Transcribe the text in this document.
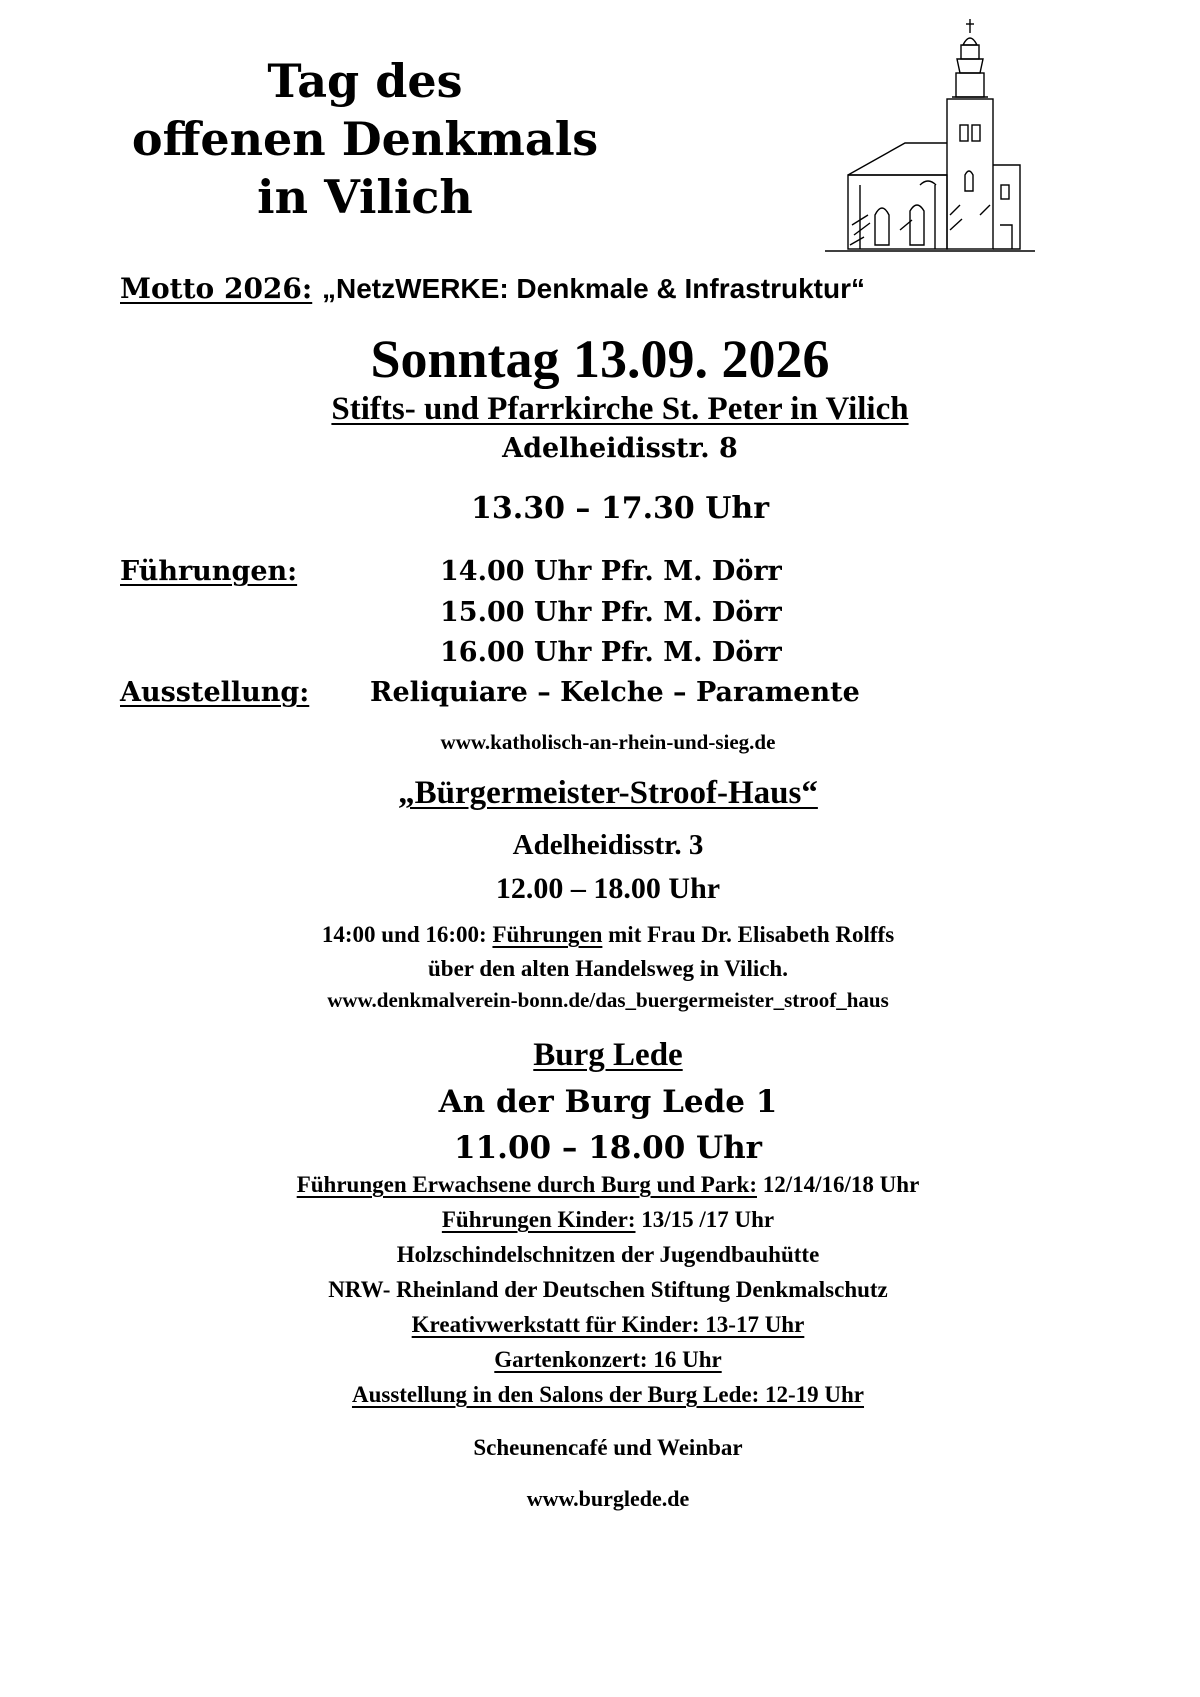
Tag des
offenen Denkmals
in Vilich
Motto 2026: „NetzWERKE: Denkmale & Infrastruktur“
Sonntag 13.09. 2026
Stifts- und Pfarrkirche St. Peter in Vilich
Adelheidisstr. 8
13.30 – 17.30 Uhr
Führungen:	14.00 Uhr Pfr. M. Dörr
15.00 Uhr Pfr. M. Dörr
16.00 Uhr Pfr. M. Dörr
Ausstellung: Reliquiare – Kelche – Paramente
www.katholisch-an-rhein-und-sieg.de
„Bürgermeister-Stroof-Haus“
Adelheidisstr. 3
12.00 – 18.00 Uhr
14:00 und 16:00: Führungen mit Frau Dr. Elisabeth Rolffs
über den alten Handelsweg in Vilich.
www.denkmalverein-bonn.de/das_buergermeister_stroof_haus
Burg Lede
An der Burg Lede 1
11.00 – 18.00 Uhr
Führungen Erwachsene durch Burg und Park: 12/14/16/18 Uhr
Führungen Kinder: 13/15 /17 Uhr
Holzschindelschnitzen der Jugendbauhütte
NRW- Rheinland der Deutschen Stiftung Denkmalschutz
Kreativwerkstatt für Kinder: 13-17 Uhr
Gartenkonzert: 16 Uhr
Ausstellung in den Salons der Burg Lede: 12-19 Uhr
Scheunencafé und Weinbar
www.burglede.de
